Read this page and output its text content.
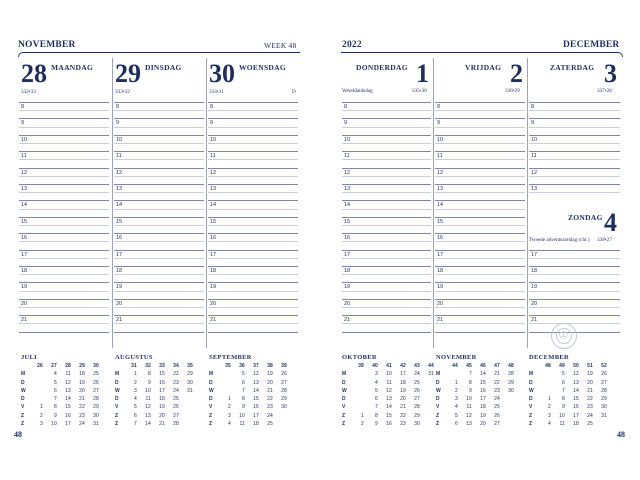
NOVEMBER	WEEK 48
28 MAANDAG
332•33
29 DINSDAG
333•32
30 WOENSDAG
334•31	D
8	8	8
9	9	9
10	10	10
11	11	11
12	12	12
13	13	13
14	14	14
15	15	15
16	16	16
17	17	17
18	18	18
19	19	19
20	20	20
21	21	21
JULI
	26	27	28	29	30
M		4	11	18	25
D		5	12	19	26
W		6	13	20	27
D		7	14	21	28
V	1	8	15	22	29
Z	2	9	16	23	30
Z	3	10	17	24	31
AUGUSTUS
	31	32	33	34	35
M	1	8	15	22	29
D	2	9	16	23	30
W	3	10	17	24	31
D	4	11	18	25	
V	5	12	19	26	
Z	6	13	20	27	
Z	7	14	21	28	
SEPTEMBER
	35	36	37	38	39
M		5	12	19	26
D		6	13	20	27
W		7	14	21	28
D	1	8	15	22	29
V	2	9	16	23	30
Z	3	10	17	24	
Z	4	11	18	25	
48
2022	DECEMBER
DONDERDAG 1
Wereldaidsdag	335•30
VRIJDAG 2
336•29
ZATERDAG 3
337•28
ZONDAG 4
Tweede adventszondag (chr.) 338•27
8	8	8
9	9	9
10	10	10
11	11	11
12	12	12
13	13	13
14	14
15	15
16	16
17	17	17
18	18	18
19	19	19
20	20	20
21	21	21
OKTOBER
	39	40	41	42	43	44
M		3	10	17	24	31
D		4	11	18	25	
W		5	12	19	26	
D		6	13	20	27	
V		7	14	21	28	
Z	1	8	15	22	29	
Z	2	9	16	23	30	
NOVEMBER
	44	45	46	47	48
M		7	14	21	28
D	1	8	15	22	29
W	2	9	16	23	30
D	3	10	17	24	
V	4	11	18	25	
Z	5	12	19	26	
Z	6	13	20	27	
DECEMBER
	48	49	50	51	52
M		5	12	19	26
D		6	13	20	27
W		7	14	21	28
D	1	8	15	22	29
V	2	9	16	23	30
Z	3	10	17	24	31
Z	4	11	18	25	
48
♔
